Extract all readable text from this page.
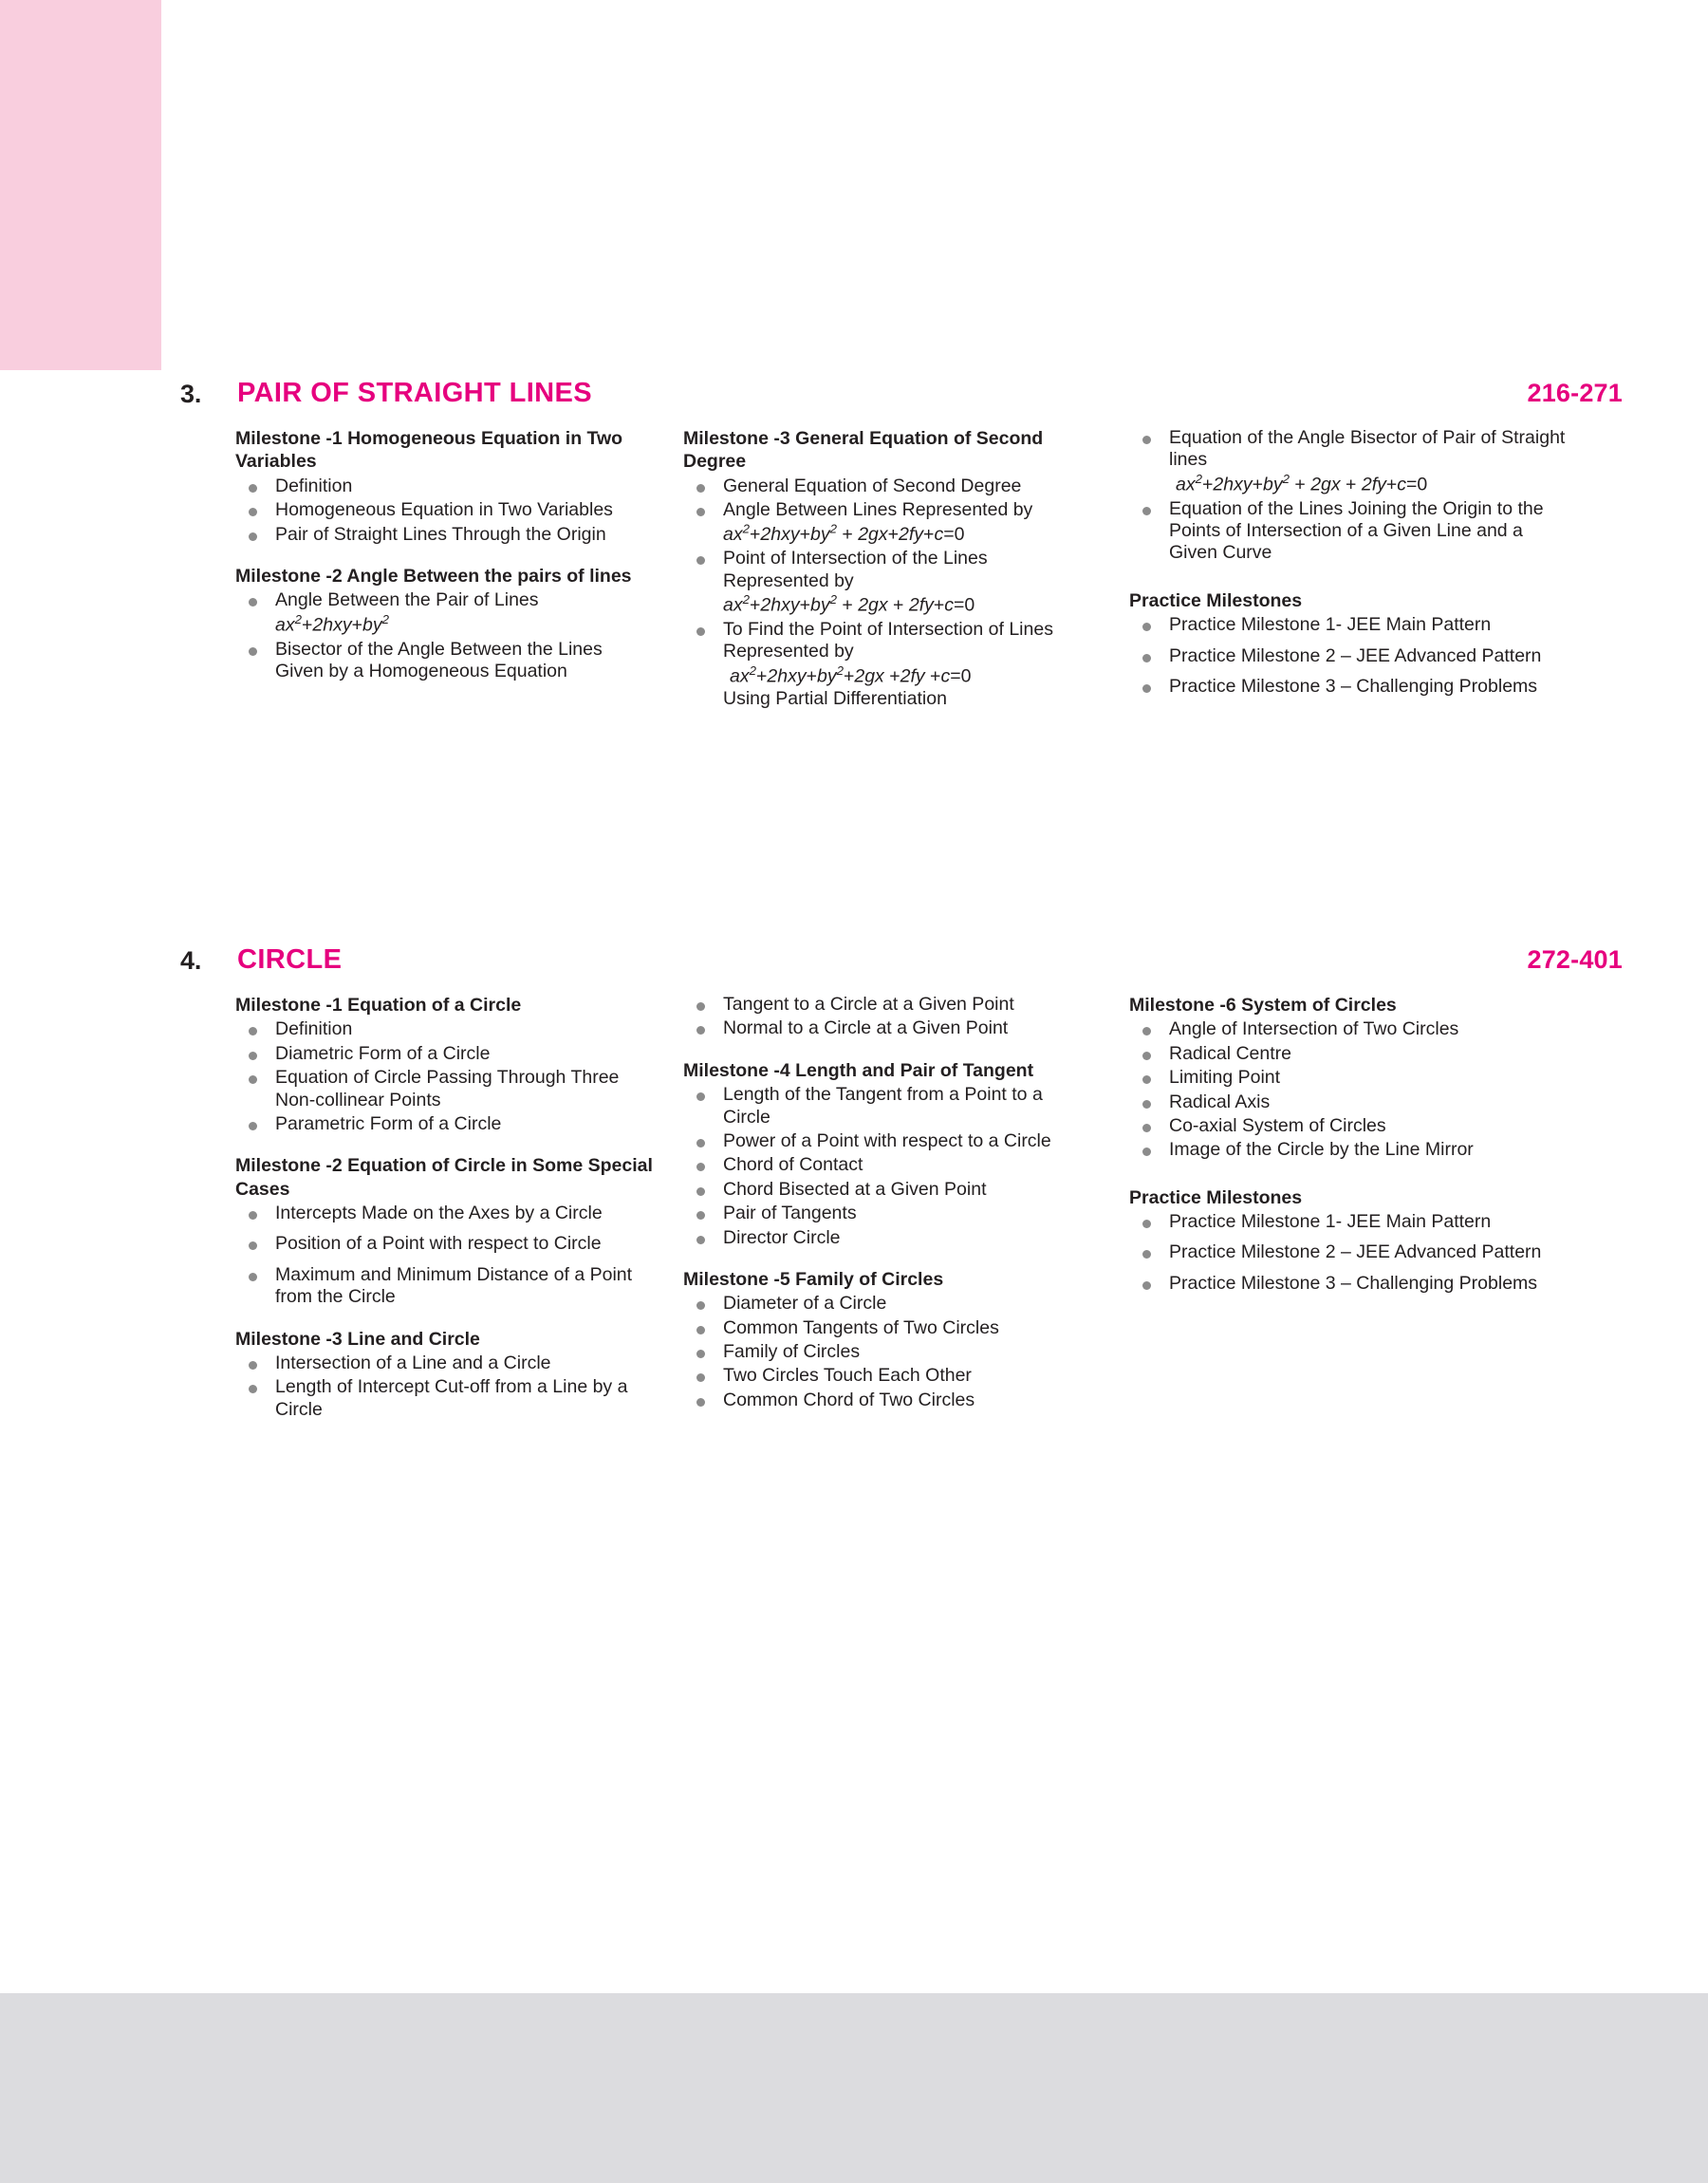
3. PAIR OF STRAIGHT LINES	216-271
Milestone -1 Homogeneous Equation in Two Variables
Definition
Homogeneous Equation in Two Variables
Pair of Straight Lines Through the Origin
Milestone -2 Angle Between the pairs of lines
Angle Between the Pair of Lines
$ax^2+2hxy+by^2$
Bisector of the Angle Between the Lines Given by a Homogeneous Equation
Milestone -3 General Equation of Second Degree
General Equation of Second Degree
Angle Between Lines Represented by $ax^2+2hxy+by^2 + 2gx+2fy+c=0$
Point of Intersection of the Lines Represented by
$ax^2+2hxy+by^2 + 2gx + 2fy+c=0$
To Find the Point of Intersection of Lines Represented by
$ax^2+2hxy+by^2+2gx +2fy +c=0$
Using Partial Differentiation
Equation of the Angle Bisector of Pair of Straight lines
$ax^2+2hxy+by^2 + 2gx + 2fy+c=0$
Equation of the Lines Joining the Origin to the Points of Intersection of a Given Line and a Given Curve
Practice Milestones
Practice Milestone 1- JEE Main Pattern
Practice Milestone 2 – JEE Advanced Pattern
Practice Milestone 3 – Challenging Problems
4. CIRCLE	272-401
Milestone -1 Equation of a Circle
Definition
Diametric Form of a Circle
Equation of Circle Passing Through Three Non-collinear Points
Parametric Form of a Circle
Milestone -2 Equation of Circle in Some Special Cases
Intercepts Made on the Axes by a Circle
Position of a Point with respect to Circle
Maximum and Minimum Distance of a Point from the Circle
Milestone -3 Line and Circle
Intersection of a Line and a Circle
Length of Intercept Cut-off from a Line by a Circle
Tangent to a Circle at a Given Point
Normal to a Circle at a Given Point
Milestone -4 Length and Pair of Tangent
Length of the Tangent from a Point to a Circle
Power of a Point with respect to a Circle
Chord of Contact
Chord Bisected at a Given Point
Pair of Tangents
Director Circle
Milestone -5 Family of Circles
Diameter of a Circle
Common Tangents of Two Circles
Family of Circles
Two Circles Touch Each Other
Common Chord of Two Circles
Milestone -6 System of Circles
Angle of Intersection of Two Circles
Radical Centre
Limiting Point
Radical Axis
Co-axial System of Circles
Image of the Circle by the Line Mirror
Practice Milestones
Practice Milestone 1- JEE Main Pattern
Practice Milestone 2 – JEE Advanced Pattern
Practice Milestone 3 – Challenging Problems
